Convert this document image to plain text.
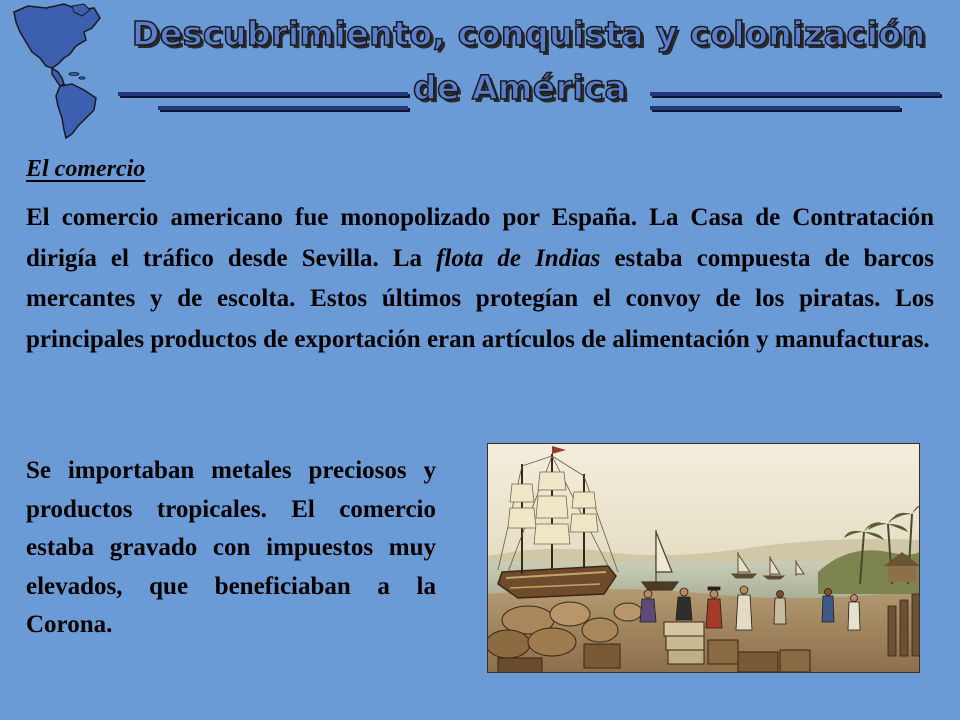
Descubrimiento, conquista y colonización
de América
El comercio

El comercio americano fue monopolizado por España. La Casa de Contratación dirigía el tráfico desde Sevilla. La flota de Indias estaba compuesta de barcos mercantes y de escolta. Estos últimos protegían el convoy de los piratas. Los principales productos de exportación eran artículos de alimentación y manufacturas.

Se importaban metales preciosos y productos tropicales. El comercio estaba gravado con impuestos muy elevados, que beneficiaban a la Corona.
